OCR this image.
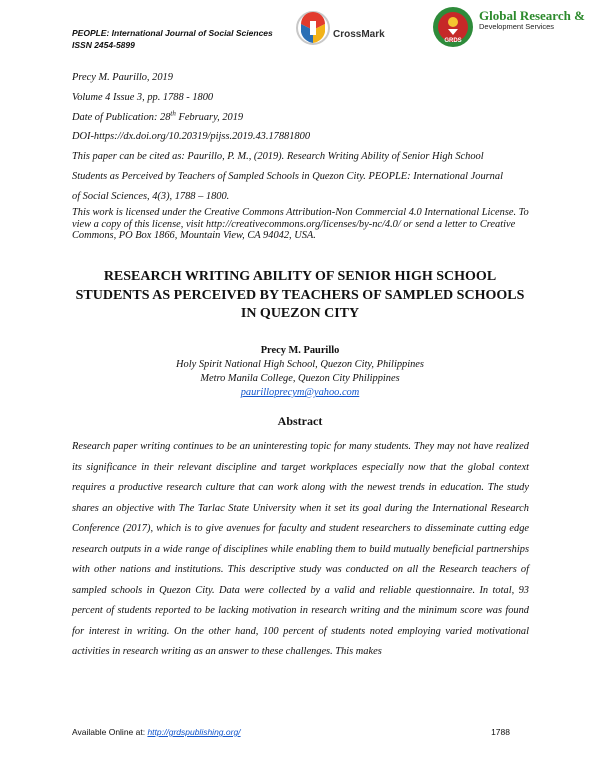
PEOPLE: International Journal of Social Sciences
ISSN 2454-5899
CrossMark
GRDS
Global Research &
Development Services
Precy M. Paurillo, 2019
Volume 4 Issue 3, pp. 1788 - 1800
Date of Publication: 28th February, 2019
DOI-https://dx.doi.org/10.20319/pijss.2019.43.17881800
This paper can be cited as: Paurillo, P. M., (2019). Research Writing Ability of Senior High School
Students as Perceived by Teachers of Sampled Schools in Quezon City. PEOPLE: International Journal
of Social Sciences, 4(3), 1788 – 1800.
This work is licensed under the Creative Commons Attribution-Non Commercial 4.0 International License. To view a copy of this license, visit http://creativecommons.org/licenses/by-nc/4.0/ or send a letter to Creative Commons, PO Box 1866, Mountain View, CA 94042, USA.
RESEARCH WRITING ABILITY OF SENIOR HIGH SCHOOL STUDENTS AS PERCEIVED BY TEACHERS OF SAMPLED SCHOOLS IN QUEZON CITY
Precy M. Paurillo
Holy Spirit National High School, Quezon City, Philippines
Metro Manila College, Quezon City Philippines
paurilloprecym@yahoo.com
Abstract
Research paper writing continues to be an uninteresting topic for many students. They may not have realized its significance in their relevant discipline and target workplaces especially now that the global context requires a productive research culture that can work along with the newest trends in education. The study shares an objective with The Tarlac State University when it set its goal during the International Research Conference (2017), which is to give avenues for faculty and student researchers to disseminate cutting edge research outputs in a wide range of disciplines while enabling them to build mutually beneficial partnerships with other nations and institutions. This descriptive study was conducted on all the Research teachers of sampled schools in Quezon City. Data were collected by a valid and reliable questionnaire. In total, 93 percent of students reported to be lacking motivation in research writing and the minimum score was found for interest in writing. On the other hand, 100 percent of students noted employing varied motivational activities in research writing as an answer to these challenges. This makes
Available Online at: http://grdspublishing.org/	1788
